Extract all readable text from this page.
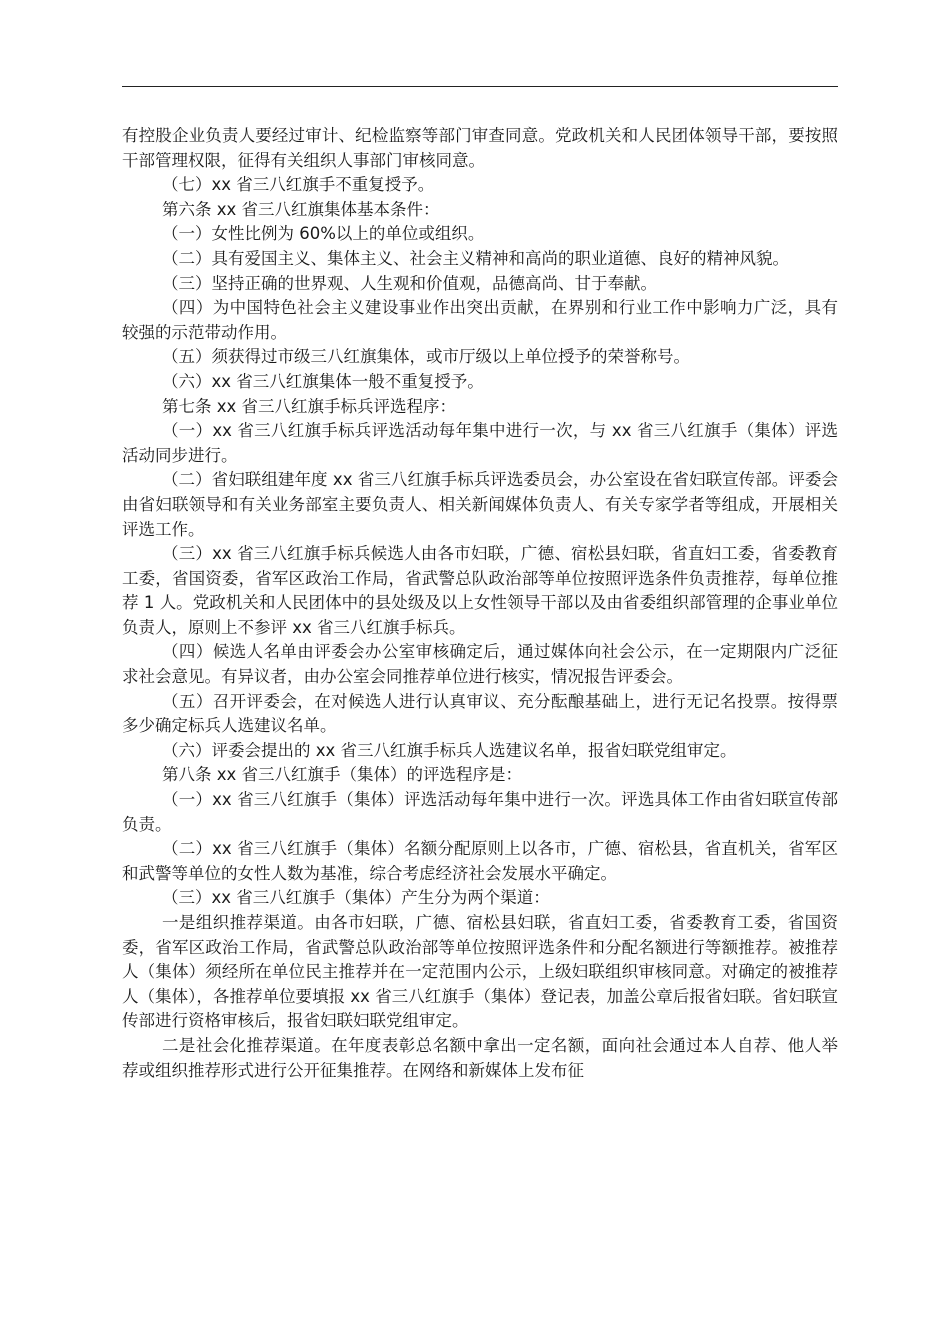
有控股企业负责人要经过审计、纪检监察等部门审查同意。党政机关和人民团体领导干部，要按照干部管理权限，征得有关组织人事部门审核同意。

（七）xx 省三八红旗手不重复授予。

第六条 xx 省三八红旗集体基本条件：

（一）女性比例为 60%以上的单位或组织。

（二）具有爱国主义、集体主义、社会主义精神和高尚的职业道德、良好的精神风貌。

（三）坚持正确的世界观、人生观和价值观，品德高尚、甘于奉献。

（四）为中国特色社会主义建设事业作出突出贡献，在界别和行业工作中影响力广泛，具有较强的示范带动作用。

（五）须获得过市级三八红旗集体，或市厅级以上单位授予的荣誉称号。

（六）xx 省三八红旗集体一般不重复授予。

第七条 xx 省三八红旗手标兵评选程序：

（一）xx 省三八红旗手标兵评选活动每年集中进行一次，与 xx 省三八红旗手（集体）评选活动同步进行。

（二）省妇联组建年度 xx 省三八红旗手标兵评选委员会，办公室设在省妇联宣传部。评委会由省妇联领导和有关业务部室主要负责人、相关新闻媒体负责人、有关专家学者等组成，开展相关评选工作。

（三）xx 省三八红旗手标兵候选人由各市妇联，广德、宿松县妇联，省直妇工委，省委教育工委，省国资委，省军区政治工作局，省武警总队政治部等单位按照评选条件负责推荐，每单位推荐 1 人。党政机关和人民团体中的县处级及以上女性领导干部以及由省委组织部管理的企事业单位负责人，原则上不参评 xx 省三八红旗手标兵。

（四）候选人名单由评委会办公室审核确定后，通过媒体向社会公示，在一定期限内广泛征求社会意见。有异议者，由办公室会同推荐单位进行核实，情况报告评委会。

（五）召开评委会，在对候选人进行认真审议、充分酝酿基础上，进行无记名投票。按得票多少确定标兵人选建议名单。

（六）评委会提出的 xx 省三八红旗手标兵人选建议名单，报省妇联党组审定。

第八条 xx 省三八红旗手（集体）的评选程序是：

（一）xx 省三八红旗手（集体）评选活动每年集中进行一次。评选具体工作由省妇联宣传部负责。

（二）xx 省三八红旗手（集体）名额分配原则上以各市，广德、宿松县，省直机关，省军区和武警等单位的女性人数为基准，综合考虑经济社会发展水平确定。

（三）xx 省三八红旗手（集体）产生分为两个渠道：

一是组织推荐渠道。由各市妇联，广德、宿松县妇联，省直妇工委，省委教育工委，省国资委，省军区政治工作局，省武警总队政治部等单位按照评选条件和分配名额进行等额推荐。被推荐人（集体）须经所在单位民主推荐并在一定范围内公示，上级妇联组织审核同意。对确定的被推荐人（集体），各推荐单位要填报 xx 省三八红旗手（集体）登记表，加盖公章后报省妇联。省妇联宣传部进行资格审核后，报省妇联妇联党组审定。

二是社会化推荐渠道。在年度表彰总名额中拿出一定名额，面向社会通过本人自荐、他人举荐或组织推荐形式进行公开征集推荐。在网络和新媒体上发布征
